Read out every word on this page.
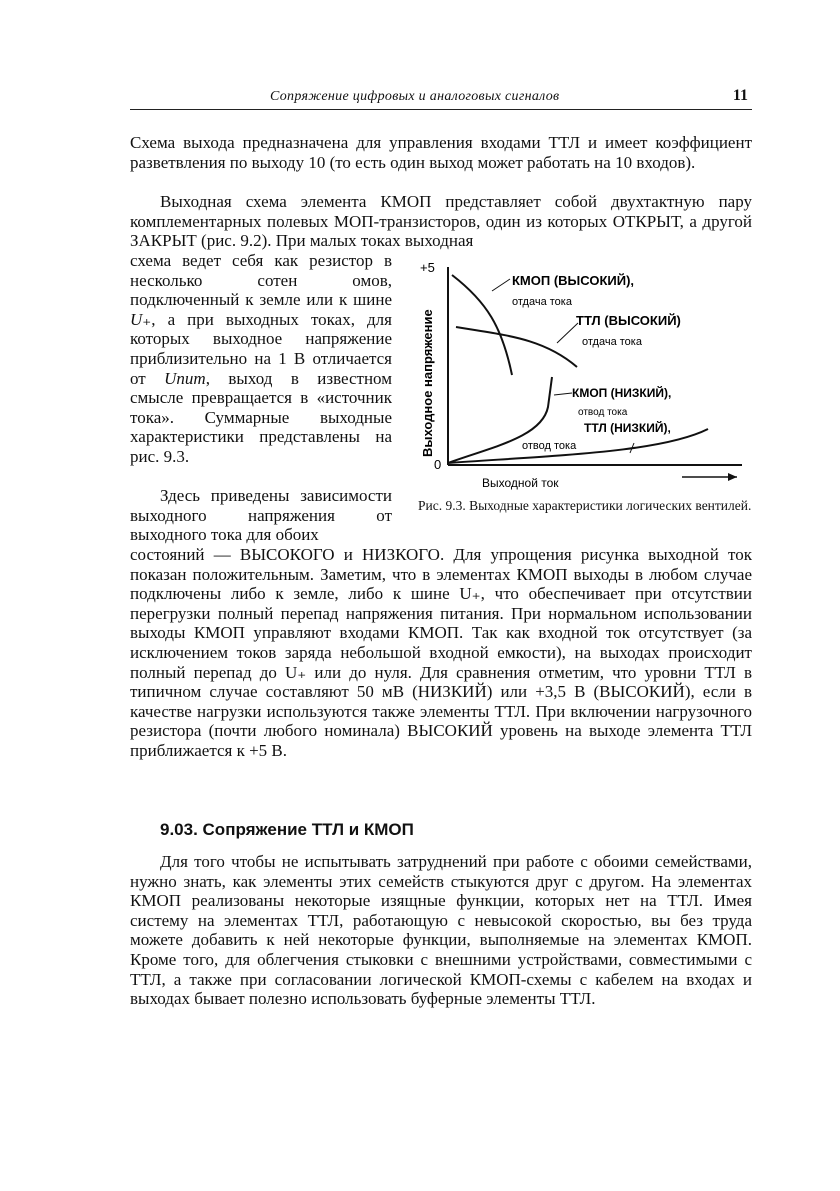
Сопряжение цифровых и аналоговых сигналов	11

Схема выхода предназначена для управления входами ТТЛ и имеет коэффициент разветвления по выходу 10 (то есть один выход может работать на 10 входов).

Выходная схема элемента КМОП представляет собой двухтактную пару комплементарных полевых МОП-транзисторов, один из которых ОТКРЫТ, а другой ЗАКРЫТ (рис. 9.2). При малых токах выходная

схема ведет себя как резистор в несколько сотен омов, подключенный к земле или к шине U₊, а при выходных токах, для которых выходное напряжение приблизительно на 1 В отличается от Uпит, выход в известном смысле превращается в «источник тока». Суммарные выходные характеристики представлены на рис. 9.3.

Здесь приведены зависимости выходного напряжения от выходного тока для обоих

+5
0
Выходное напряжение
Выходной ток
КМОП (ВЫСОКИЙ),
отдача тока
ТТЛ (ВЫСОКИЙ)
отдача тока
КМОП (НИЗКИЙ),
отвод тока
ТТЛ (НИЗКИЙ),
отвод тока

Рис. 9.3. Выходные характеристики логических вентилей.

состояний — ВЫСОКОГО и НИЗКОГО. Для упрощения рисунка выходной ток показан положительным. Заметим, что в элементах КМОП выходы в любом случае подключены либо к земле, либо к шине U₊, что обеспечивает при отсутствии перегрузки полный перепад напряжения питания. При нормальном использовании выходы КМОП управляют входами КМОП. Так как входной ток отсутствует (за исключением токов заряда небольшой входной емкости), на выходах происходит полный перепад до U₊ или до нуля. Для сравнения отметим, что уровни ТТЛ в типичном случае составляют 50 мВ (НИЗКИЙ) или +3,5 В (ВЫСОКИЙ), если в качестве нагрузки используются также элементы ТТЛ. При включении нагрузочного резистора (почти любого номинала) ВЫСОКИЙ уровень на выходе элемента ТТЛ приближается к +5 В.

9.03. Сопряжение ТТЛ и КМОП

Для того чтобы не испытывать затруднений при работе с обоими семействами, нужно знать, как элементы этих семейств стыкуются друг с другом. На элементах КМОП реализованы некоторые изящные функции, которых нет на ТТЛ. Имея систему на элементах ТТЛ, работающую с невысокой скоростью, вы без труда можете добавить к ней некоторые функции, выполняемые на элементах КМОП. Кроме того, для облегчения стыковки с внешними устройствами, совместимыми с ТТЛ, а также при согласовании логической КМОП-схемы с кабелем на входах и выходах бывает полезно использовать буферные элементы ТТЛ.
